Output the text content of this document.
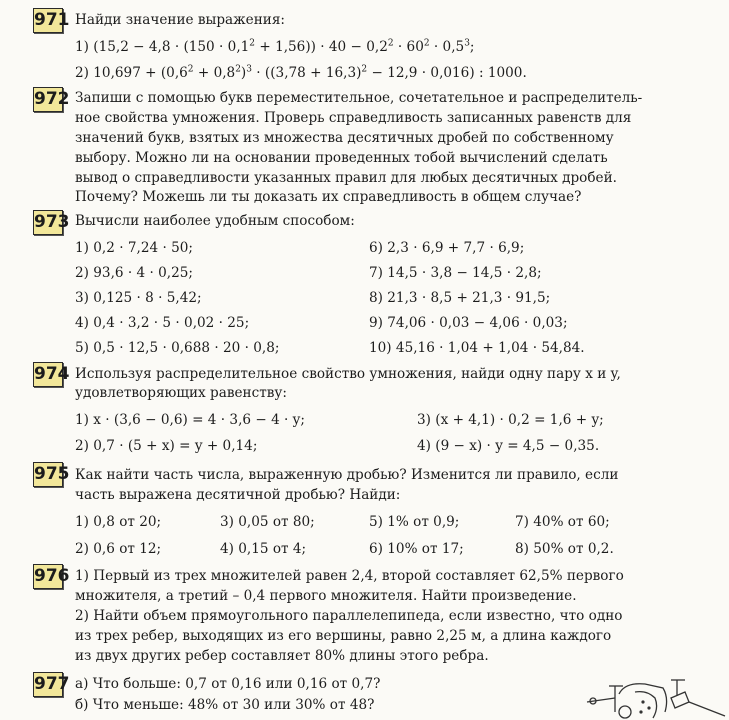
971 Найди значение выражения:
1) $(15,2 - 4,8 \cdot (150 \cdot 0,1^2 + 1,56)) \cdot 40 - 0,2^2 \cdot 60^2 \cdot 0,5^3$;
2) $10,697 + (0,6^2 + 0,8^2)^3 \cdot ((3,78 + 16,3)^2 - 12,9 \cdot 0,016)$ : 1000.
972 Запиши с помощью букв переместительное, сочетательное и распределитель-
ное свойства умножения. Проверь справедливость записанных равенств для
значений букв, взятых из множества десятичных дробей по собственному
выбору. Можно ли на основании проведенных тобой вычислений сделать
вывод о справедливости указанных правил для любых десятичных дробей.
Почему? Можешь ли ты доказать их справедливость в общем случае?
973 Вычисли наиболее удобным способом:
1) 0,2 · 7,24 · 50;
2) 93,6 · 4 · 0,25;
3) 0,125 · 8 · 5,42;
4) 0,4 · 3,2 · 5 · 0,02 · 25;
5) 0,5 · 12,5 · 0,688 · 20 · 0,8;
6) 2,3 · 6,9 + 7,7 · 6,9;
7) 14,5 · 3,8 − 14,5 · 2,8;
8) 21,3 · 8,5 + 21,3 · 91,5;
9) 74,06 · 0,03 − 4,06 · 0,03;
10) 45,16 · 1,04 + 1,04 · 54,84.
974 Используя распределительное свойство умножения, найди одну пару x и y,
удовлетворяющих равенству:
1) x · (3,6 − 0,6) = 4 · 3,6 − 4 · y;	3) (x + 4,1) · 0,2 = 1,6 + y;
2) 0,7 · (5 + x) = y + 0,14;	4) (9 − x) · y = 4,5 − 0,35.
975 Как найти часть числа, выраженную дробью? Изменится ли правило, если
часть выражена десятичной дробью? Найди:
1) 0,8 от 20;	3) 0,05 от 80;	5) 1% от 0,9;	7) 40% от 60;
2) 0,6 от 12;	4) 0,15 от 4;	6) 10% от 17;	8) 50% от 0,2.
976 1) Первый из трех множителей равен 2,4, второй составляет 62,5% первого
множителя, а третий – 0,4 первого множителя. Найти произведение.
2) Найти объем прямоугольного параллелепипеда, если известно, что одно
из трех ребер, выходящих из его вершины, равно 2,25 м, а длина каждого
из двух других ребер составляет 80% длины этого ребра.
977 а) Что больше: 0,7 от 0,16 или 0,16 от 0,7?
б) Что меньше: 48% от 30 или 30% от 48?
